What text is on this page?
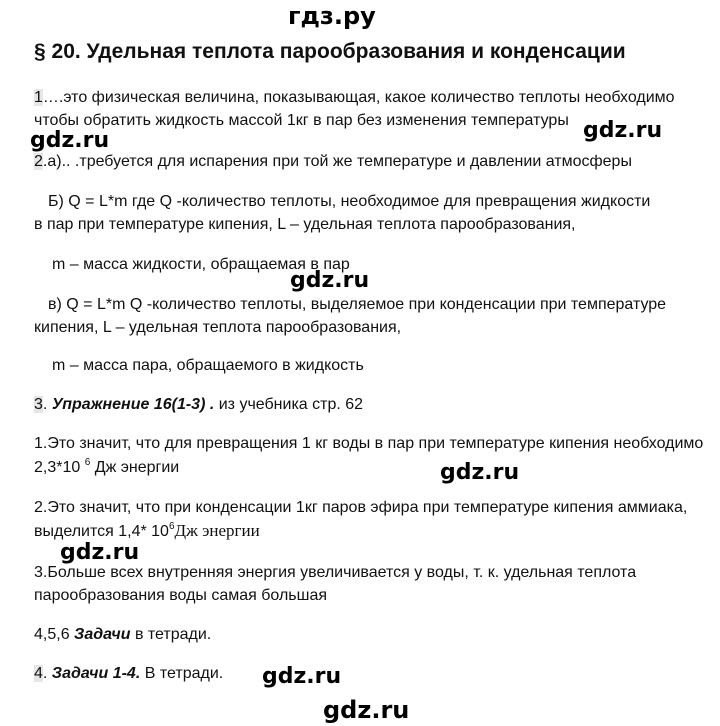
гдз.ру
gdz.ru	gdz.ru
gdz.ru
gdz.ru
gdz.ru
gdz.ru
gdz.ru
§ 20. Удельная теплота парообразования и конденсации
1….это физическая величина, показывающая, какое количество теплоты необходимо
чтобы обратить жидкость массой 1кг в пар без изменения температуры
2.а).. .требуется для испарения при той же температуре и давлении атмосферы
Б) Q = L*m где Q -количество теплоты, необходимое для превращения жидкости
в пар при температуре кипения, L – удельная теплота парообразования,
m – масса жидкости, обращаемая в пар
в) Q = L*m Q -количество теплоты, выделяемое при конденсации при температуре
кипения, L – удельная теплота парообразования,
m – масса пара, обращаемого в жидкость
3. Упражнение 16(1-3) . из учебника стр. 62
1.Это значит, что для превращения 1 кг воды в пар при температуре кипения необходимо
2,3*10 $^6$ Дж энергии
2.Это значит, что при конденсации 1кг паров эфира при температуре кипения аммиака,
выделится 1,4* $10^6Дж$ энергии
3.Больше всех внутренняя энергия увеличивается у воды, т. к. удельная теплота
парообразования воды самая большая
4,5,6 Задачи в тетради.
4. Задачи 1-4. В тетради.
